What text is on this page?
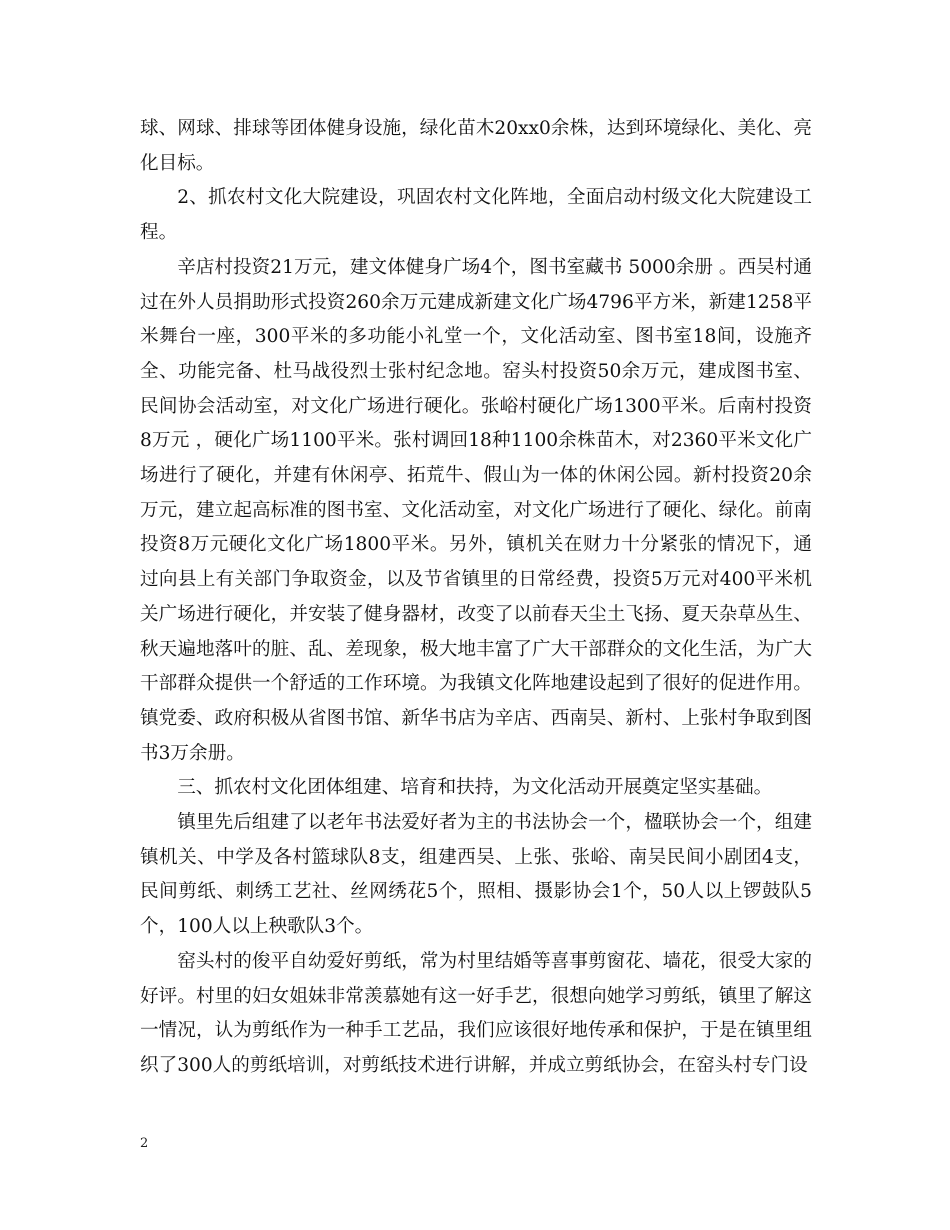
球、网球、排球等团体健身设施，绿化苗木20xx0余株，达到环境绿化、美化、亮化目标。

2、抓农村文化大院建设，巩固农村文化阵地，全面启动村级文化大院建设工程。

辛店村投资21万元，建文体健身广场4个，图书室藏书 5000余册 。西吴村通过在外人员捐助形式投资260余万元建成新建文化广场4796平方米，新建1258平米舞台一座，300平米的多功能小礼堂一个，文化活动室、图书室18间，设施齐全、功能完备、杜马战役烈士张村纪念地。窑头村投资50余万元，建成图书室、民间协会活动室，对文化广场进行硬化。张峪村硬化广场1300平米。后南村投资8万元 ，硬化广场1100平米。张村调回18种1100余株苗木，对2360平米文化广场进行了硬化，并建有休闲亭、拓荒牛、假山为一体的休闲公园。新村投资20余万元，建立起高标准的图书室、文化活动室，对文化广场进行了硬化、绿化。前南投资8万元硬化文化广场1800平米。另外，镇机关在财力十分紧张的情况下，通过向县上有关部门争取资金，以及节省镇里的日常经费，投资5万元对400平米机关广场进行硬化，并安装了健身器材，改变了以前春天尘土飞扬、夏天杂草丛生、秋天遍地落叶的脏、乱、差现象，极大地丰富了广大干部群众的文化生活，为广大干部群众提供一个舒适的工作环境。为我镇文化阵地建设起到了很好的促进作用。镇党委、政府积极从省图书馆、新华书店为辛店、西南吴、新村、上张村争取到图书3万余册。

三、抓农村文化团体组建、培育和扶持，为文化活动开展奠定坚实基础。

镇里先后组建了以老年书法爱好者为主的书法协会一个，楹联协会一个，组建镇机关、中学及各村篮球队8支，组建西吴、上张、张峪、南吴民间小剧团4支，民间剪纸、刺绣工艺社、丝网绣花5个，照相、摄影协会1个，50人以上锣鼓队5个，100人以上秧歌队3个。

窑头村的俊平自幼爱好剪纸，常为村里结婚等喜事剪窗花、墙花，很受大家的好评。村里的妇女姐妹非常羡慕她有这一好手艺，很想向她学习剪纸，镇里了解这一情况，认为剪纸作为一种手工艺品，我们应该很好地传承和保护，于是在镇里组织了300人的剪纸培训，对剪纸技术进行讲解，并成立剪纸协会，在窑头村专门设

2
